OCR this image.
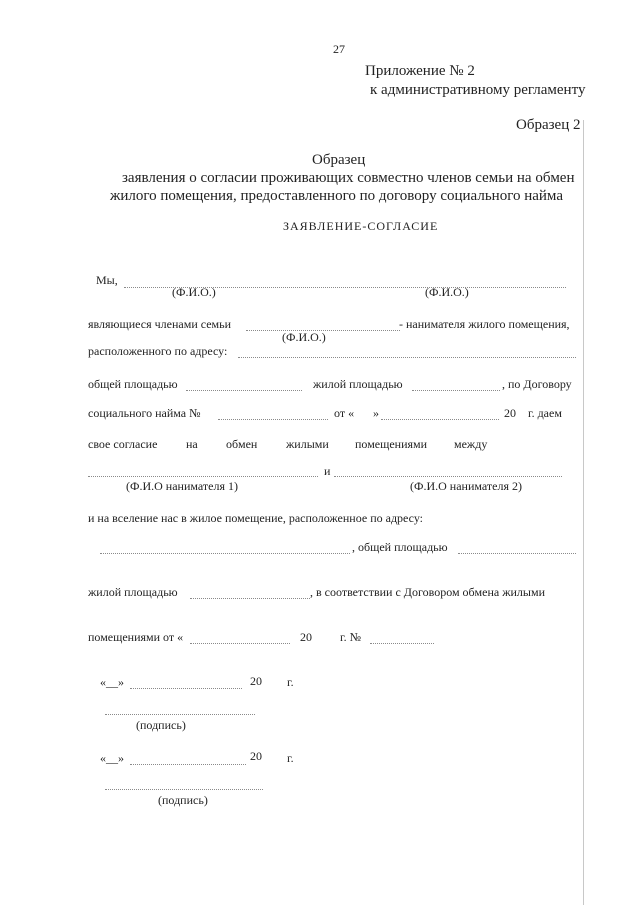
27
Приложение № 2
к административному регламенту
Образец 2
Образец
заявления о согласии проживающих совместно членов семьи на обмен
жилого помещения, предоставленного по договору социального найма
ЗАЯВЛЕНИЕ-СОГЛАСИЕ
Мы,
(Ф.И.О.)	(Ф.И.О.)
являющиеся членами семьи	- нанимателя жилого помещения,
(Ф.И.О.)
расположенного по адресу:
общей площадью	жилой площадью	, по Договору
социального найма №	от « »	20 г. даем
свое согласие на обмен жилыми помещениями между
и
(Ф.И.О нанимателя 1)	(Ф.И.О нанимателя 2)
и на вселение нас в жилое помещение, расположенное по адресу:
, общей площадью
жилой площадью	, в соответствии с Договором обмена жилыми
помещениями от «	20 г. №
«__»	20 г.
(подпись)
«__»	20 г.
(подпись)
